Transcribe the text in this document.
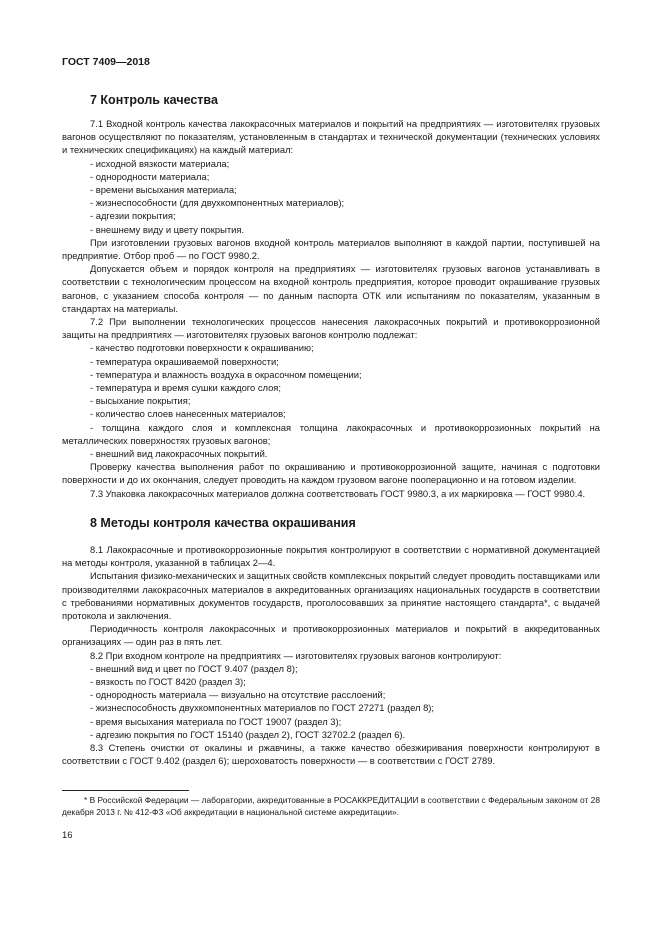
ГОСТ 7409—2018

7 Контроль качества

7.1 Входной контроль качества лакокрасочных материалов и покрытий на предприятиях — изготовителях грузовых вагонов осуществляют по показателям, установленным в стандартах и технической документации (технических условиях и технических спецификациях) на каждый материал:

- исходной вязкости материала;

- однородности материала;

- времени высыхания материала;

- жизнеспособности (для двухкомпонентных материалов);

- адгезии покрытия;

- внешнему виду и цвету покрытия.

При изготовлении грузовых вагонов входной контроль материалов выполняют в каждой партии, поступившей на предприятие. Отбор проб — по ГОСТ 9980.2.

Допускается объем и порядок контроля на предприятиях — изготовителях грузовых вагонов устанавливать в соответствии с технологическим процессом на входной контроль предприятия, которое проводит окрашивание грузовых вагонов, с указанием способа контроля — по данным паспорта ОТК или испытаниям по показателям, указанным в стандартах на материалы.

7.2 При выполнении технологических процессов нанесения лакокрасочных покрытий и противокоррозионной защиты на предприятиях — изготовителях грузовых вагонов контролю подлежат:

- качество подготовки поверхности к окрашиванию;

- температура окрашиваемой поверхности;

- температура и влажность воздуха в окрасочном помещении;

- температура и время сушки каждого слоя;

- высыхание покрытия;

- количество слоев нанесенных материалов;

- толщина каждого слоя и комплексная толщина лакокрасочных и противокоррозионных покрытий на металлических поверхностях грузовых вагонов;

- внешний вид лакокрасочных покрытий.

Проверку качества выполнения работ по окрашиванию и противокоррозионной защите, начиная с подготовки поверхности и до их окончания, следует проводить на каждом грузовом вагоне пооперационно и на готовом изделии.

7.3 Упаковка лакокрасочных материалов должна соответствовать ГОСТ 9980.3, а их маркировка — ГОСТ 9980.4.

8 Методы контроля качества окрашивания

8.1 Лакокрасочные и противокоррозионные покрытия контролируют в соответствии с нормативной документацией на методы контроля, указанной в таблицах 2—4.

Испытания физико-механических и защитных свойств комплексных покрытий следует проводить поставщиками или производителями лакокрасочных материалов в аккредитованных организациях национальных государств в соответствии с требованиями нормативных документов государств, проголосовавших за принятие настоящего стандарта*, с выдачей протокола и заключения.

Периодичность контроля лакокрасочных и противокоррозионных материалов и покрытий в аккредитованных организациях — один раз в пять лет.

8.2 При входном контроле на предприятиях — изготовителях грузовых вагонов контролируют:

- внешний вид и цвет по ГОСТ 9.407 (раздел 8);

- вязкость по ГОСТ 8420 (раздел 3);

- однородность материала — визуально на отсутствие расслоений;

- жизнеспособность двухкомпонентных материалов по ГОСТ 27271 (раздел 8);

- время высыхания материала по ГОСТ 19007 (раздел 3);

- адгезию покрытия по ГОСТ 15140 (раздел 2), ГОСТ 32702.2 (раздел 6).

8.3 Степень очистки от окалины и ржавчины, а также качество обезжиривания поверхности контролируют в соответствии с ГОСТ 9.402 (раздел 6); шероховатость поверхности — в соответствии с ГОСТ 2789.

* В Российской Федерации — лаборатории, аккредитованные в РОСАККРЕДИТАЦИИ в соответствии с Федеральным законом от 28 декабря 2013 г. № 412-ФЗ «Об аккредитации в национальной системе аккредитации».

16
